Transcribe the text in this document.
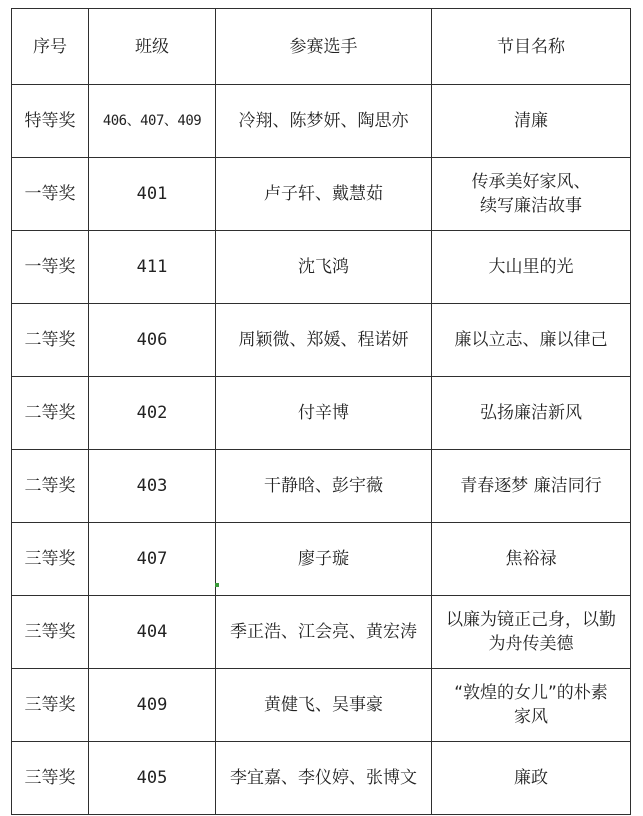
序号	班级	参赛选手	节目名称
特等奖	406、407、409	冷翔、陈梦妍、陶思亦	清廉
一等奖	401	卢子轩、戴慧茹	传承美好家风、
续写廉洁故事
一等奖	411	沈飞鸿	大山里的光
二等奖	406	周颖微、郑媛、程诺妍	廉以立志、廉以律己
二等奖	402	付辛博	弘扬廉洁新风
二等奖	403	干静晗、彭宇薇	青春逐梦 廉洁同行
三等奖	407	廖子璇	焦裕禄
三等奖	404	季正浩、江会亮、黄宏涛	以廉为镜正己身，以勤
为舟传美德
三等奖	409	黄健飞、吴事豪	“敦煌的女儿”的朴素
家风
三等奖	405	李宜嘉、李仪婷、张博文	廉政
